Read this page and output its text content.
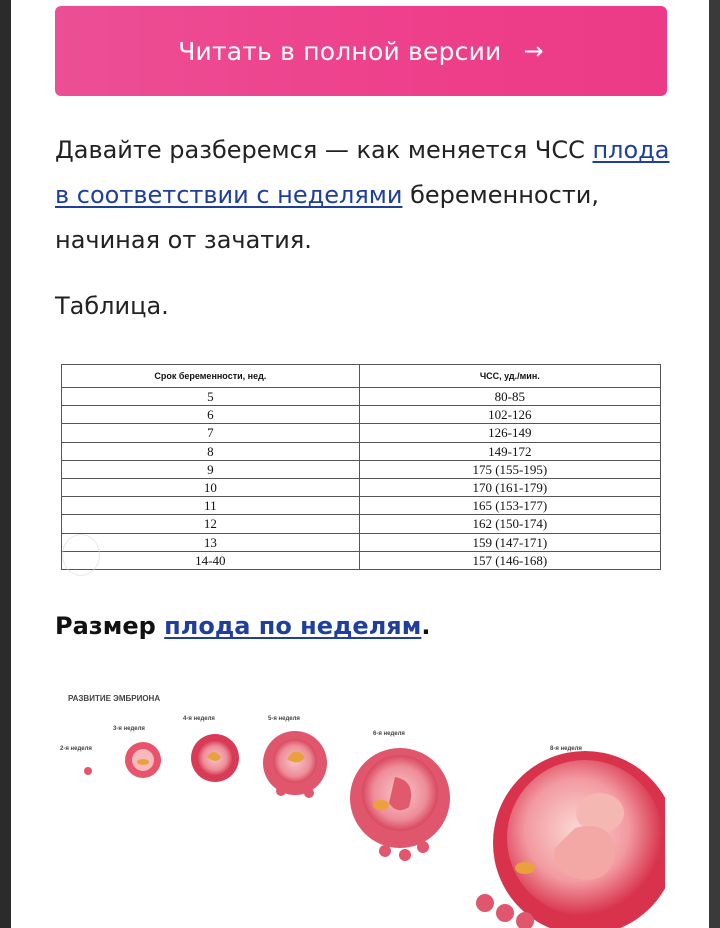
Читать в полной версии →

Давайте разберемся — как меняется ЧСС плода в соответствии с неделями беременности, начиная от зачатия.

Таблица.
Срок беременности, нед.	ЧСС, уд./мин.
5	80-85
6	102-126
7	126-149
8	149-172
9	175 (155-195)
10	170 (161-179)
11	165 (153-177)
12	162 (150-174)
13	159 (147-171)
14-40	157 (146-168)
Размер плода по неделям.
РАЗВИТИЕ ЭМБРИОНА
2-я неделя
3-я неделя
4-я неделя	5-я неделя
6-я неделя
8-я неделя
